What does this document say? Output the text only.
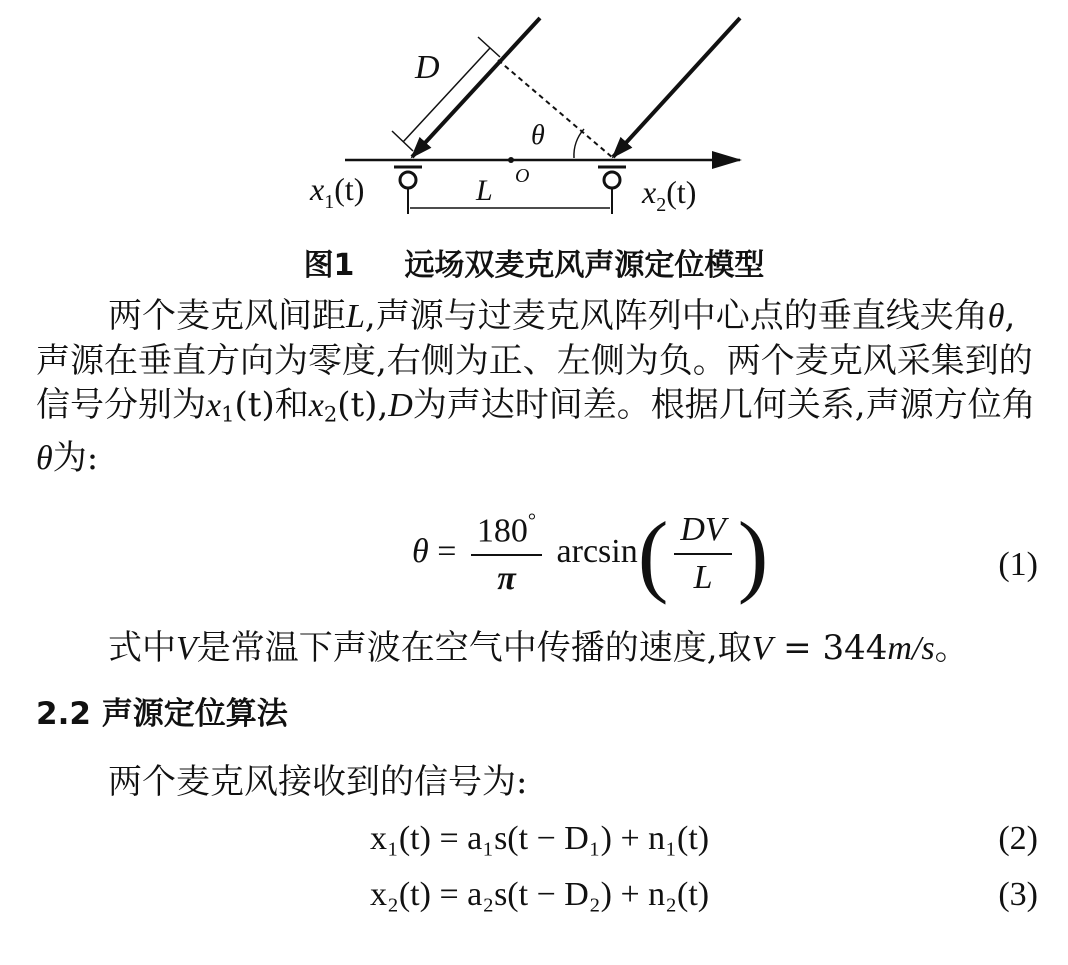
D
θ
O
L
$x_1(t)$	$x_2(t)$
图1 远场双麦克风声源定位模型
两个麦克风间距L,声源与过麦克风阵列中心点的垂直线夹角θ,声源在垂直方向为零度,右侧为正、左侧为负。两个麦克风采集到的信号分别为$x_1(t)$和$x_2(t),D$为声达时间差。根据几何关系,声源方位角θ为:
$\theta = \frac{180^\circ}{\pi} \arcsin( \frac{DV}{L}$ )	(1)
式中V是常温下声波在空气中传播的速度,取V = 344m/s。
2.2 声源定位算法
两个麦克风接收到的信号为:
x₁(t) = a₁s(t − D₁) + n₁(t)	(2)
x₂(t) = a₂s(t − D₂) + n₂(t)	(3)
